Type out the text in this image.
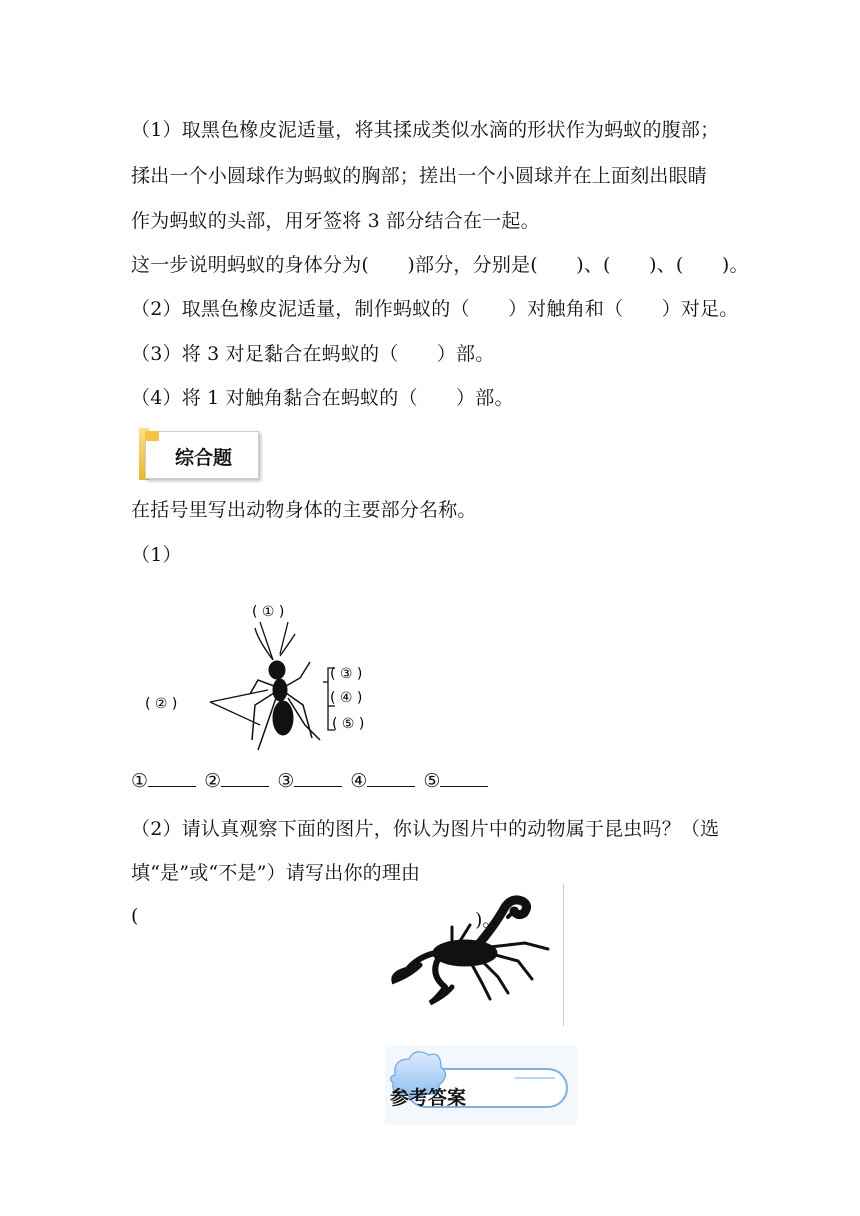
（1）取黑色橡皮泥适量，将其揉成类似水滴的形状作为蚂蚁的腹部；
揉出一个小圆球作为蚂蚁的胸部；搓出一个小圆球并在上面刻出眼睛
作为蚂蚁的头部，用牙签将 3 部分结合在一起。
这一步说明蚂蚁的身体分为(　　)部分，分别是(　　)、(　　)、(　　)。
（2）取黑色橡皮泥适量，制作蚂蚁的（　　）对触角和（　　）对足。
（3）将 3 对足黏合在蚂蚁的（　　）部。
（4）将 1 对触角黏合在蚂蚁的（　　）部。
综合题
在括号里写出动物身体的主要部分名称。
（1）
( ① )
( ② )
( ③ )
( ④ )
( ⑤ )
①	②	③	④	⑤
（2）请认真观察下面的图片，你认为图片中的动物属于昆虫吗？（选
填“是”或“不是”）请写出你的理由
(	)。
参考答案
